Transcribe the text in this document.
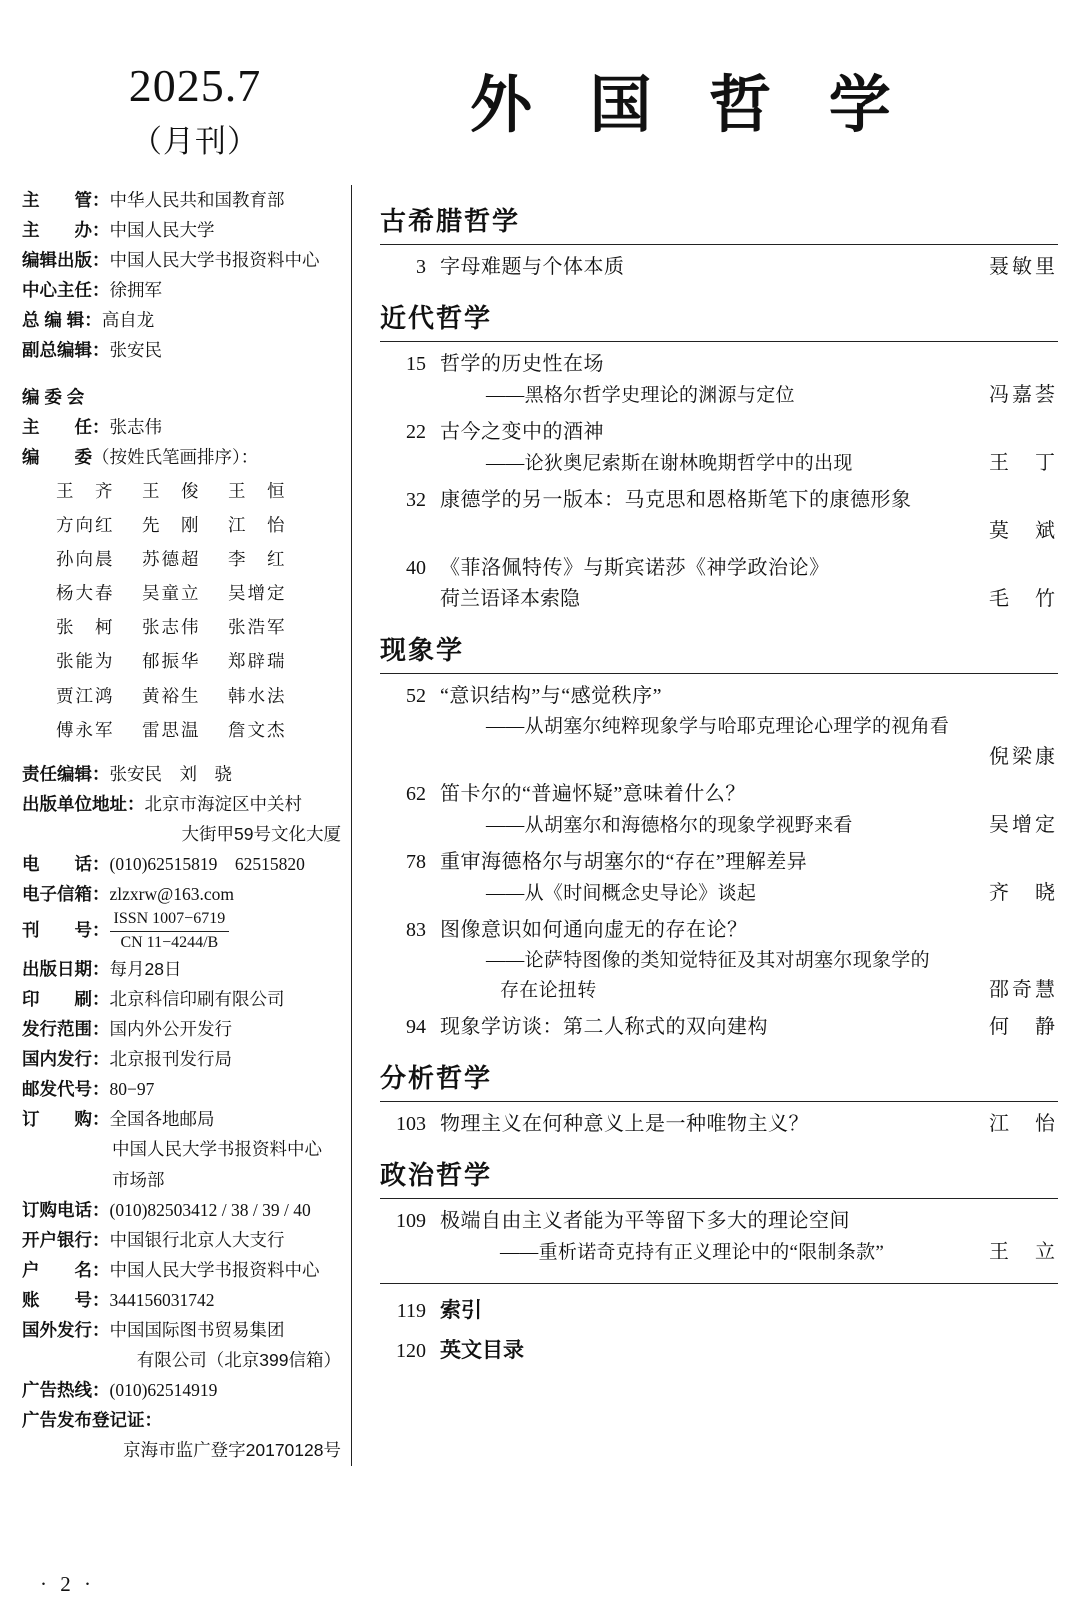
2025.7
（月刊）
外 国 哲 学
主　　管： 中华人民共和国教育部
主　　办： 中国人民大学
编辑出版： 中国人民大学书报资料中心
中心主任： 徐拥军
总 编 辑： 高自龙
副总编辑： 张安民
编 委 会
主　　任： 张志伟
编　　委 （按姓氏笔画排序）：
王　齐	王　俊	王　恒
方向红	先　刚	江　怡
孙向晨	苏德超	李　红
杨大春	吴童立	吴增定
张　柯	张志伟	张浩军
张能为	郁振华	郑辟瑞
贾江鸿	黄裕生	韩水法
傅永军	雷思温	詹文杰
责任编辑： 张安民　刘　骁
出版单位地址： 北京市海淀区中关村
大街甲59号文化大厦
电　　话： (010)62515819　62515820
电子信箱： zlzxrw@163.com
刊　　号：
ISSN 1007−6719
CN 11−4244/B
出版日期： 每月28日
印　　刷： 北京科信印刷有限公司
发行范围： 国内外公开发行
国内发行： 北京报刊发行局
邮发代号： 80−97
订　　购： 全国各地邮局
中国人民大学书报资料中心
市场部
订购电话： (010)82503412 / 38 / 39 / 40
开户银行： 中国银行北京人大支行
户　　名： 中国人民大学书报资料中心
账　　号： 344156031742
国外发行： 中国国际图书贸易集团
有限公司（北京399信箱）
广告热线： (010)62514919
广告发布登记证：
京海市监广登字20170128号
古希腊哲学
3 字母难题与个体本质	聂敏里
近代哲学
15 哲学的历史性在场
——黑格尔哲学史理论的渊源与定位	冯嘉荟
22 古今之变中的酒神
——论狄奥尼索斯在谢林晚期哲学中的出现	王　丁
32 康德学的另一版本：马克思和恩格斯笔下的康德形象
莫　斌
40 《菲洛佩特传》与斯宾诺莎《神学政治论》
荷兰语译本索隐	毛　竹
现象学
52 “意识结构”与“感觉秩序”
——从胡塞尔纯粹现象学与哈耶克理论心理学的视角看
倪梁康
62 笛卡尔的“普遍怀疑”意味着什么？
——从胡塞尔和海德格尔的现象学视野来看	吴增定
78 重审海德格尔与胡塞尔的“存在”理解差异
——从《时间概念史导论》谈起	齐　晓
83 图像意识如何通向虚无的存在论？
——论萨特图像的类知觉特征及其对胡塞尔现象学的
存在论扭转	邵奇慧
94 现象学访谈：第二人称式的双向建构	何　静
分析哲学
103 物理主义在何种意义上是一种唯物主义？	江　怡
政治哲学
109 极端自由主义者能为平等留下多大的理论空间
——重析诺奇克持有正义理论中的“限制条款”	王　立
119 索引
120 英文目录
· 2 ·
